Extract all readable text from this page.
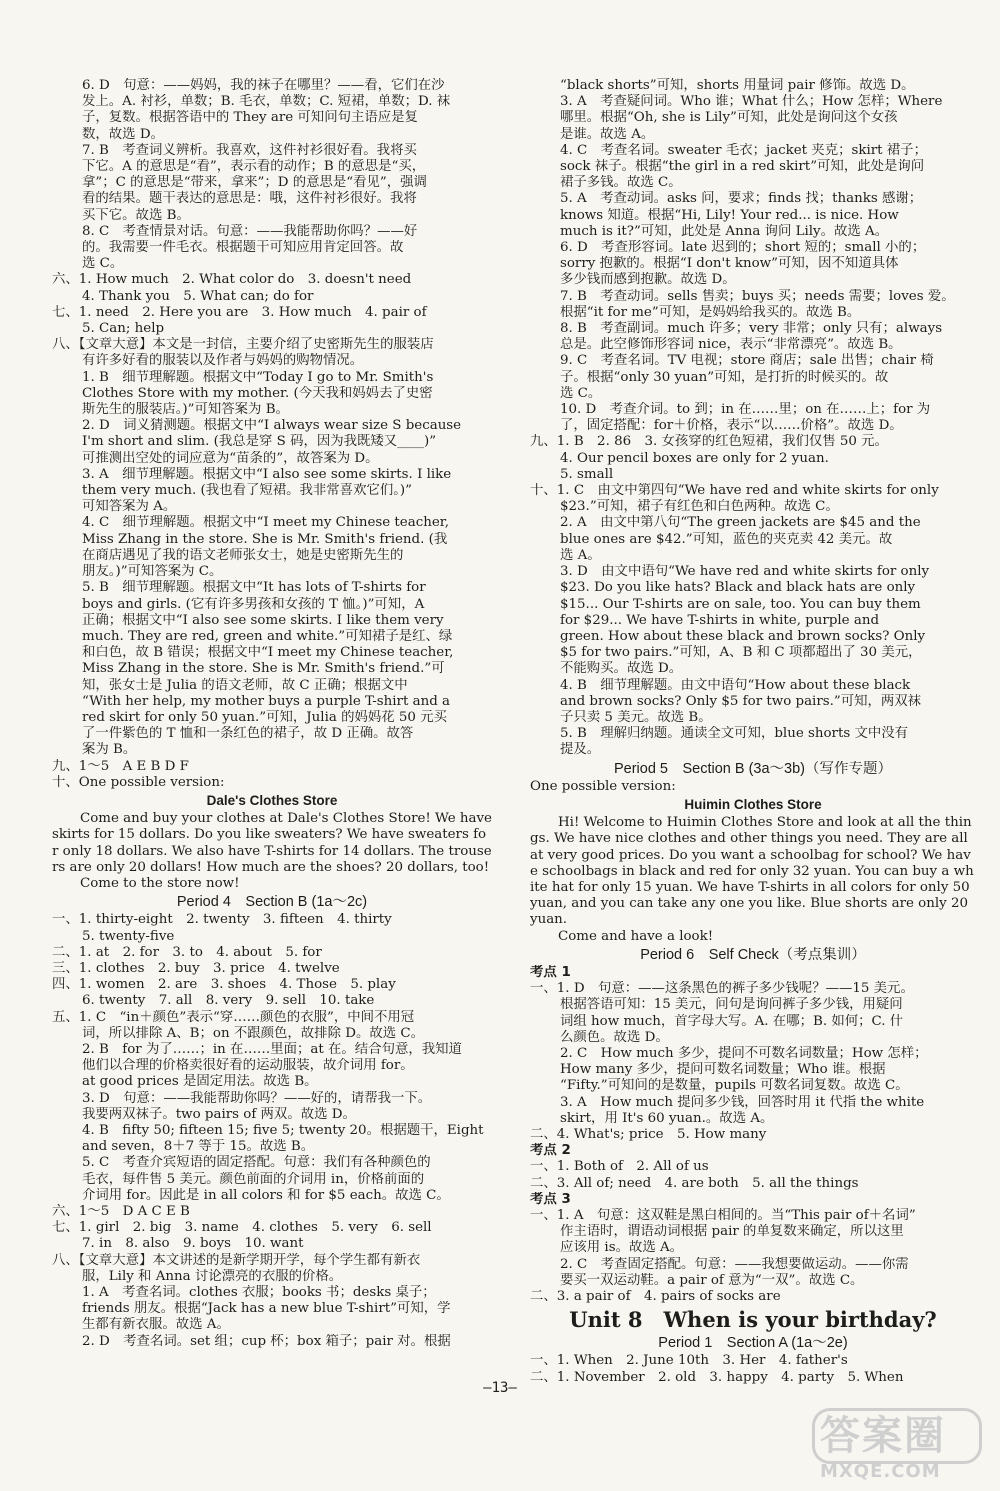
6. D　句意：——妈妈，我的袜子在哪里？——看，它们在沙
发上。A. 衬衫，单数；B. 毛衣，单数；C. 短裙，单数；D. 袜
子，复数。根据答语中的 They are 可知问句主语应是复
数，故选 D。
7. B　考查词义辨析。我喜欢，这件衬衫很好看。我将买
下它。A 的意思是“看”，表示看的动作；B 的意思是“买，
拿”；C 的意思是“带来，拿来”；D 的意思是“看见”，强调
看的结果。题干表达的意思是：哦，这件衬衫很好。我将
买下它。故选 B。
8. C　考查情景对话。句意：——我能帮助你吗？——好
的。我需要一件毛衣。根据题干可知应用肯定回答。故
选 C。
六、1. How much　2. What color do　3. doesn't need
4. Thank you　5. What can; do for
七、1. need　2. Here you are　3. How much　4. pair of
5. Can; help
八、【文章大意】本文是一封信，主要介绍了史密斯先生的服装店
有许多好看的服装以及作者与妈妈的购物情况。
1. B　细节理解题。根据文中“Today I go to Mr. Smith's
Clothes Store with my mother. (今天我和妈妈去了史密
斯先生的服装店。)”可知答案为 B。
2. D　词义猜测题。根据文中“I always wear size S because
I'm short and slim. (我总是穿 S 码，因为我既矮又____)”
可推测出空处的词应意为“苗条的”，故答案为 D。
3. A　细节理解题。根据文中“I also see some skirts. I like
them very much. (我也看了短裙。我非常喜欢它们。)”
可知答案为 A。
4. C　细节理解题。根据文中“I meet my Chinese teacher,
Miss Zhang in the store. She is Mr. Smith's friend. (我
在商店遇见了我的语文老师张女士，她是史密斯先生的
朋友。)”可知答案为 C。
5. B　细节理解题。根据文中“It has lots of T-shirts for
boys and girls. (它有许多男孩和女孩的 T 恤。)”可知，A
正确；根据文中“I also see some skirts. I like them very
much. They are red, green and white.”可知裙子是红、绿
和白色，故 B 错误；根据文中“I meet my Chinese teacher,
Miss Zhang in the store. She is Mr. Smith's friend.”可
知，张女士是 Julia 的语文老师，故 C 正确；根据文中
“With her help, my mother buys a purple T-shirt and a
red skirt for only 50 yuan.”可知，Julia 的妈妈花 50 元买
了一件紫色的 T 恤和一条红色的裙子，故 D 正确。故答
案为 B。
九、1～5　A E B D F
十、One possible version:
Dale's Clothes Store
Come and buy your clothes at Dale's Clothes Store! We have skirts for 15 dollars. Do you like sweaters? We have sweaters for only 18 dollars. We also have T-shirts for 14 dollars. The trousers are only 20 dollars! How much are the shoes? 20 dollars, too!
Come to the store now!
Period 4　Section B (1a～2c)
一、1. thirty-eight　2. twenty　3. fifteen　4. thirty
5. twenty-five
二、1. at　2. for　3. to　4. about　5. for
三、1. clothes　2. buy　3. price　4. twelve
四、1. women　2. are　3. shoes　4. Those　5. play
6. twenty　7. all　8. very　9. sell　10. take
五、1. C　“in＋颜色”表示“穿……颜色的衣服”，中间不用冠
词，所以排除 A、B；on 不跟颜色，故排除 D。故选 C。
2. B　for 为了……；in 在……里面；at 在。结合句意，我知道
他们以合理的价格卖很好看的运动服装，故介词用 for。
at good prices 是固定用法。故选 B。
3. D　句意：——我能帮助你吗？——好的，请帮我一下。
我要两双袜子。two pairs of 两双。故选 D。
4. B　fifty 50; fifteen 15; five 5; twenty 20。根据题干，Eight
and seven，8＋7 等于 15。故选 B。
5. C　考查介宾短语的固定搭配。句意：我们有各种颜色的
毛衣，每件售 5 美元。颜色前面的介词用 in，价格前面的
介词用 for。因此是 in all colors 和 for $5 each。故选 C。
六、1～5　D A C E B
七、1. girl　2. big　3. name　4. clothes　5. very　6. sell
7. in　8. also　9. boys　10. want
八、【文章大意】本文讲述的是新学期开学，每个学生都有新衣
服，Lily 和 Anna 讨论漂亮的衣服的价格。
1. A　考查名词。clothes 衣服；books 书；desks 桌子；
friends 朋友。根据“Jack has a new blue T-shirt”可知，学
生都有新衣服。故选 A。
2. D　考查名词。set 组；cup 杯；box 箱子；pair 对。根据
“black shorts”可知，shorts 用量词 pair 修饰。故选 D。
3. A　考查疑问词。Who 谁；What 什么；How 怎样；Where
哪里。根据“Oh, she is Lily”可知，此处是询问这个女孩
是谁。故选 A。
4. C　考查名词。sweater 毛衣；jacket 夹克；skirt 裙子；
sock 袜子。根据“the girl in a red skirt”可知，此处是询问
裙子多钱。故选 C。
5. A　考查动词。asks 问，要求；finds 找；thanks 感谢；
knows 知道。根据“Hi, Lily! Your red... is nice. How
much is it?”可知，此处是 Anna 询问 Lily。故选 A。
6. D　考查形容词。late 迟到的；short 短的；small 小的；
sorry 抱歉的。根据“I don't know”可知，因不知道具体
多少钱而感到抱歉。故选 D。
7. B　考查动词。sells 售卖；buys 买；needs 需要；loves 爱。
根据“it for me”可知，是妈妈给我买的。故选 B。
8. B　考查副词。much 许多；very 非常；only 只有；always
总是。此空修饰形容词 nice，表示“非常漂亮”。故选 B。
9. C　考查名词。TV 电视；store 商店；sale 出售；chair 椅
子。根据“only 30 yuan”可知，是打折的时候买的。故
选 C。
10. D　考查介词。to 到；in 在……里；on 在……上；for 为
了，固定搭配：for＋价格，表示“以……价格”。故选 D。
九、1. B　2. 86　3. 女孩穿的红色短裙，我们仅售 50 元。
4. Our pencil boxes are only for 2 yuan.
5. small
十、1. C　由文中第四句“We have red and white skirts for only
$23.”可知，裙子有红色和白色两种。故选 C。
2. A　由文中第八句“The green jackets are $45 and the
blue ones are $42.”可知，蓝色的夹克卖 42 美元。故
选 A。
3. D　由文中语句“We have red and white skirts for only
$23. Do you like hats? Black and black hats are only
$15... Our T-shirts are on sale, too. You can buy them
for $29... We have T-shirts in white, purple and
green. How about these black and brown socks? Only
$5 for two pairs.”可知，A、B 和 C 项都超出了 30 美元，
不能购买。故选 D。
4. B　细节理解题。由文中语句“How about these black
and brown socks? Only $5 for two pairs.”可知，两双袜
子只卖 5 美元。故选 B。
5. B　理解归纳题。通读全文可知，blue shorts 文中没有
提及。
Period 5　Section B (3a～3b)（写作专题）
One possible version:
Huimin Clothes Store
Hi! Welcome to Huimin Clothes Store and look at all the things. We have nice clothes and other things you need. They are all at very good prices. Do you want a schoolbag for school? We have schoolbags in black and red for only 32 yuan. You can buy a white hat for only 15 yuan. We have T-shirts in all colors for only 50 yuan, and you can take any one you like. Blue shorts are only 20 yuan.
Come and have a look!
Period 6　Self Check（考点集训）
考点 1
一、1. D　句意：——这条黑色的裤子多少钱呢？——15 美元。
根据答语可知：15 美元，问句是询问裤子多少钱，用疑问
词组 how much，首字母大写。A. 在哪；B. 如何；C. 什
么颜色。故选 D。
2. C　How much 多少，提问不可数名词数量；How 怎样；
How many 多少，提问可数名词数量；Who 谁。根据
“Fifty.”可知问的是数量，pupils 可数名词复数。故选 C。
3. A　How much 提问多少钱，回答时用 it 代指 the white
skirt，用 It's 60 yuan.。故选 A。
二、4. What's; price　5. How many
考点 2
一、1. Both of　2. All of us
二、3. All of; need　4. are both　5. all the things
考点 3
一、1. A　句意：这双鞋是黑白相间的。当“This pair of＋名词”
作主语时，谓语动词根据 pair 的单复数来确定，所以这里
应该用 is。故选 A。
2. C　考查固定搭配。句意：——我想要做运动。——你需
要买一双运动鞋。a pair of 意为“一双”。故选 C。
二、3. a pair of　4. pairs of socks are
Unit 8　When is your birthday?
Period 1　Section A (1a～2e)
一、1. When　2. June 10th　3. Her　4. father's
二、1. November　2. old　3. happy　4. party　5. When
—13—
答案圈
MXQE.COM
